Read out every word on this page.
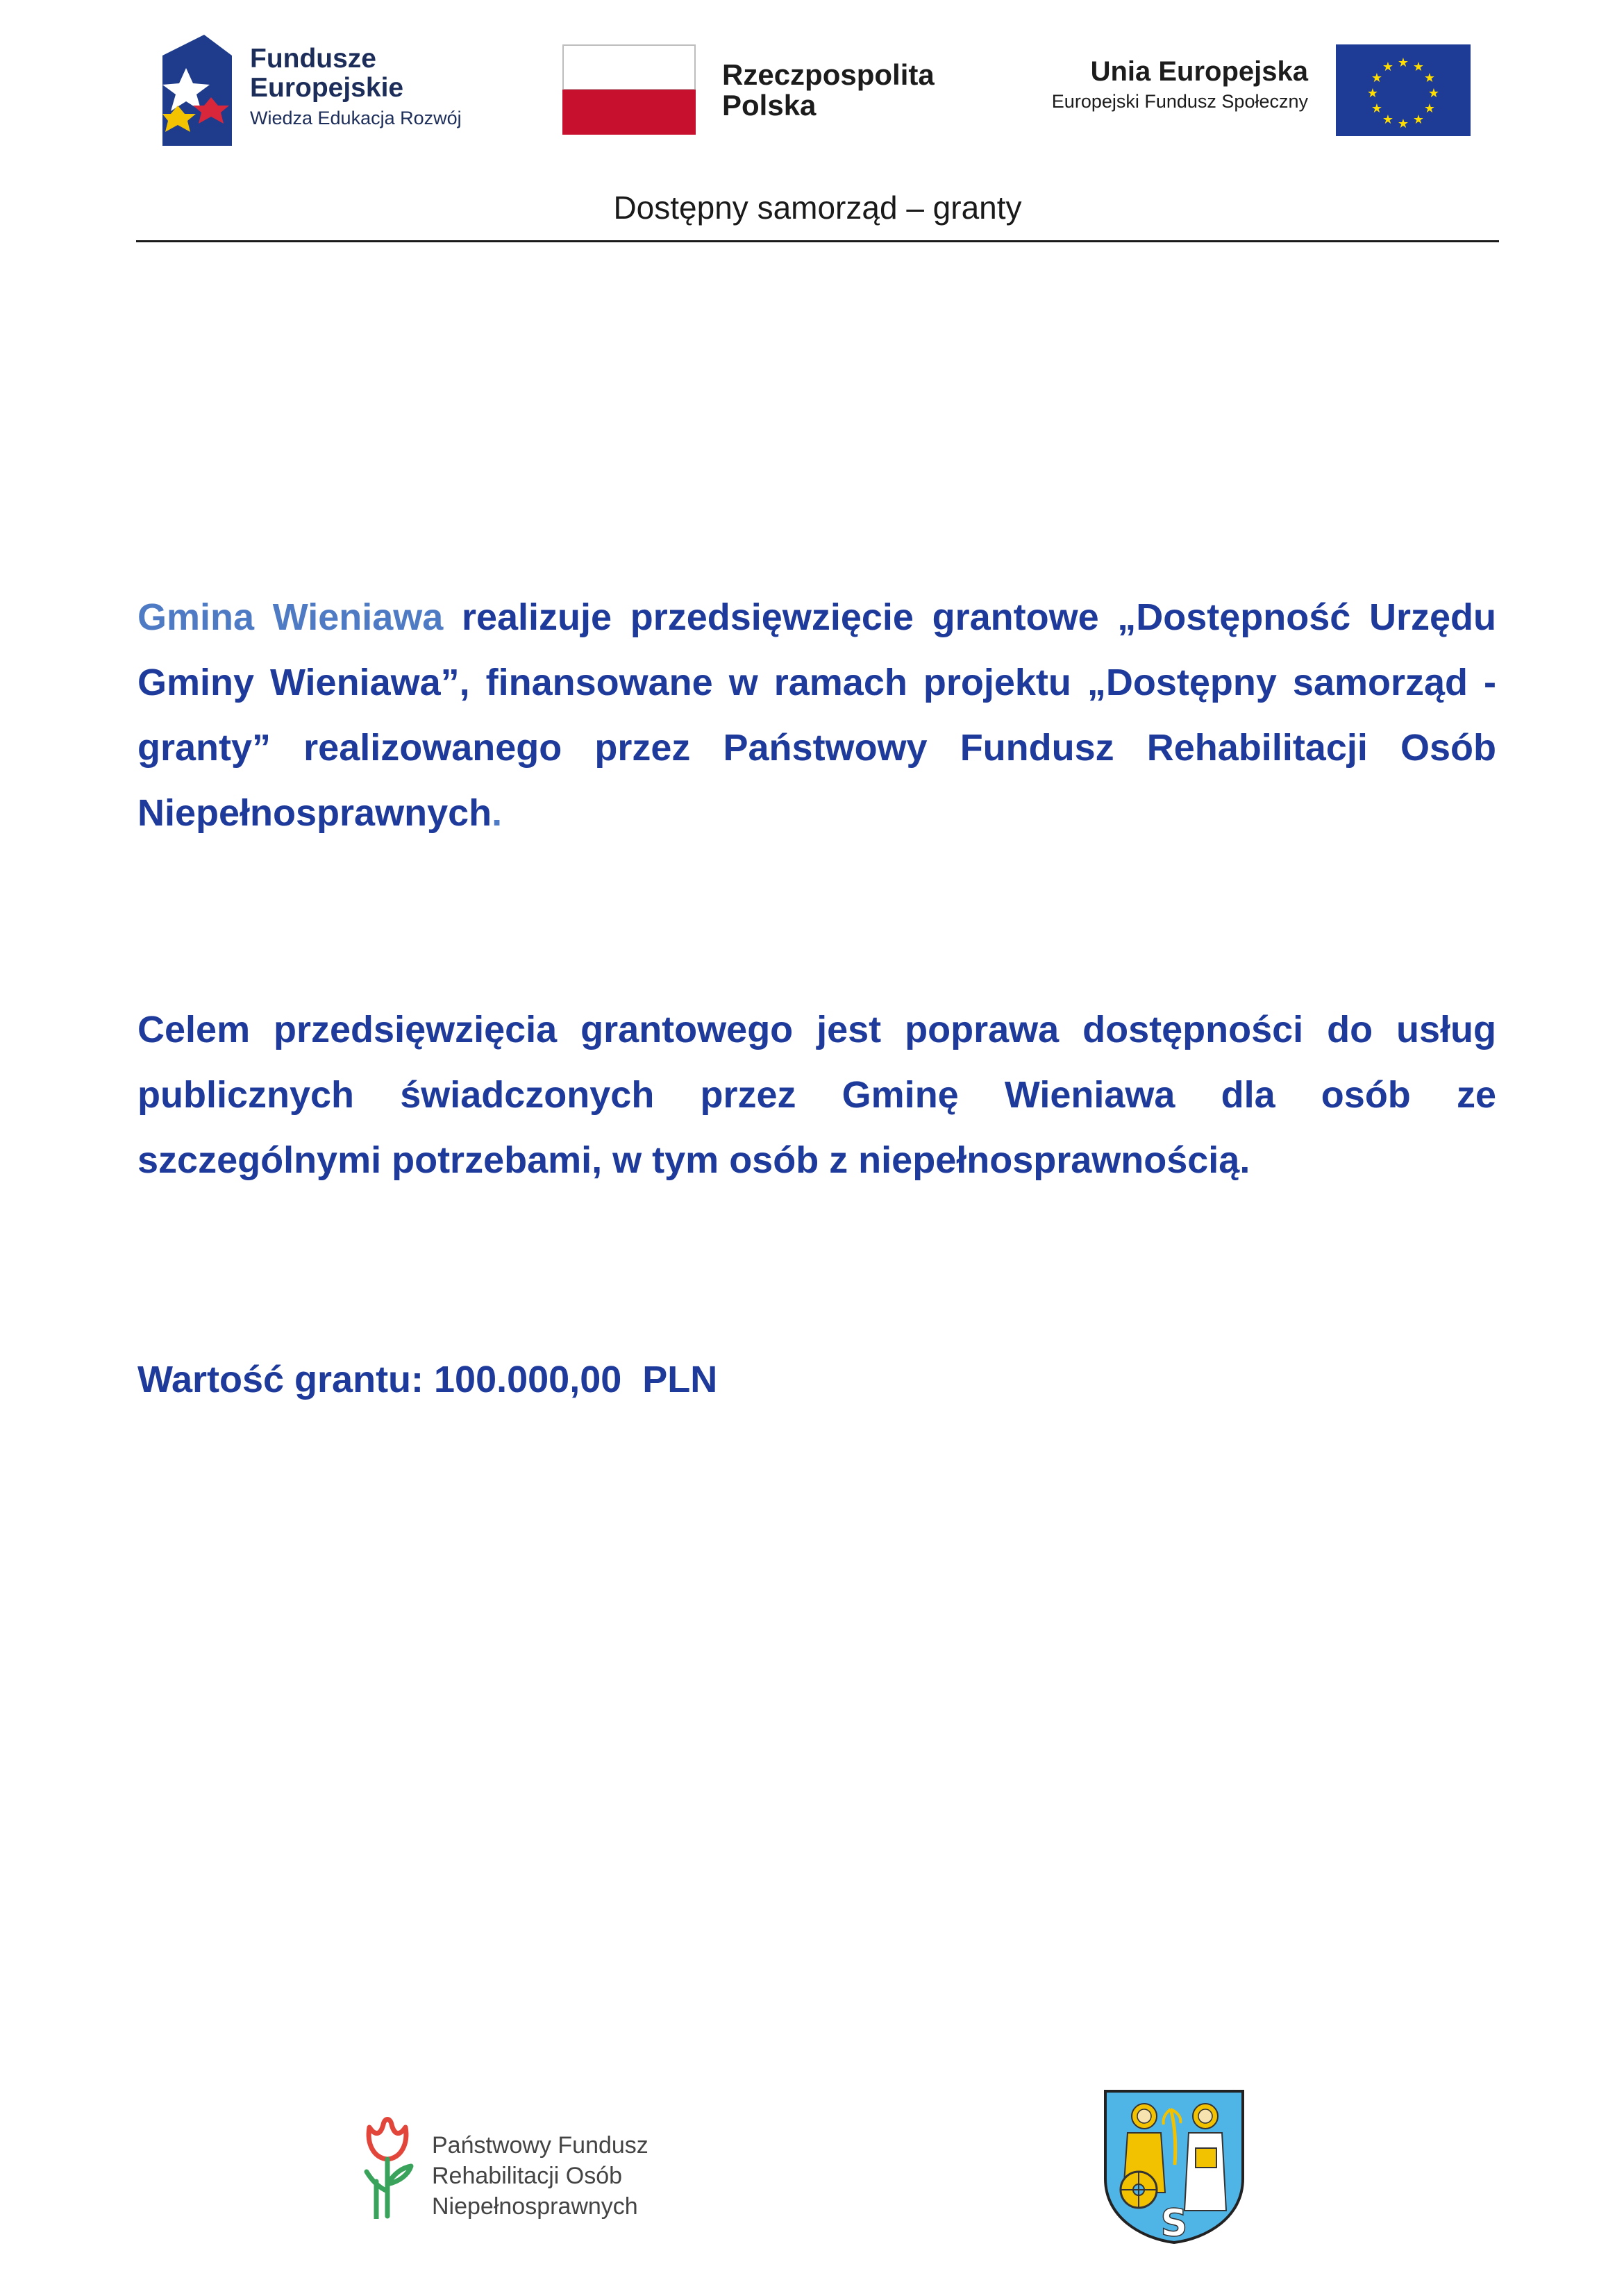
Fundusze
Europejskie
Wiedza Edukacja Rozwój
Rzeczpospolita
Polska
Unia Europejska
Europejski Fundusz Społeczny
★ ★
★
★
★
★
★
★
★
★
★
★
Dostępny samorząd – granty

Gmina Wieniawa realizuje przedsięwzięcie grantowe „Dostępność Urzędu Gminy Wieniawa”, finansowane w ramach projektu „Dostępny samorząd - granty” realizowanego przez Państwowy Fundusz Rehabilitacji Osób Niepełnosprawnych.

Celem przedsięwzięcia grantowego jest poprawa dostępności do usług publicznych świadczonych przez Gminę Wieniawa dla osób ze szczególnymi potrzebami, w tym osób z niepełnosprawnością.

Wartość grantu: 100.000,00  PLN

Państwowy Fundusz
Rehabilitacji Osób
Niepełnosprawnych	S
